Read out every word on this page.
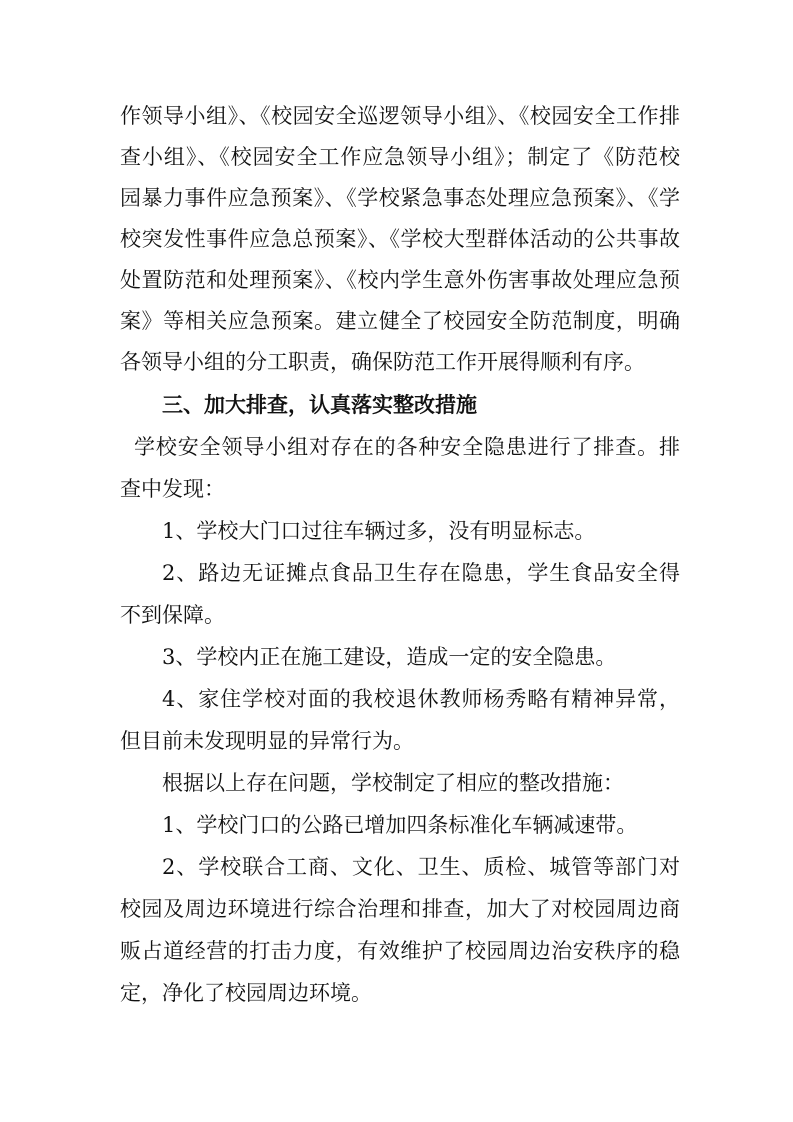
作领导小组》、《校园安全巡逻领导小组》、《校园安全工作排
查小组》、《校园安全工作应急领导小组》；制定了《防范校
园暴力事件应急预案》、《学校紧急事态处理应急预案》、《学
校突发性事件应急总预案》、《学校大型群体活动的公共事故
处置防范和处理预案》、《校内学生意外伤害事故处理应急预
案》等相关应急预案。建立健全了校园安全防范制度，明确
各领导小组的分工职责，确保防范工作开展得顺利有序。
三、加大排查，认真落实整改措施
学校安全领导小组对存在的各种安全隐患进行了排查。排
查中发现：
1、学校大门口过往车辆过多，没有明显标志。
2、路边无证摊点食品卫生存在隐患，学生食品安全得
不到保障。
3、学校内正在施工建设，造成一定的安全隐患。
4、家住学校对面的我校退休教师杨秀略有精神异常，
但目前未发现明显的异常行为。
根据以上存在问题，学校制定了相应的整改措施：
1、学校门口的公路已增加四条标准化车辆减速带。
2、学校联合工商、文化、卫生、质检、城管等部门对
校园及周边环境进行综合治理和排查，加大了对校园周边商
贩占道经营的打击力度，有效维护了校园周边治安秩序的稳
定，净化了校园周边环境。
